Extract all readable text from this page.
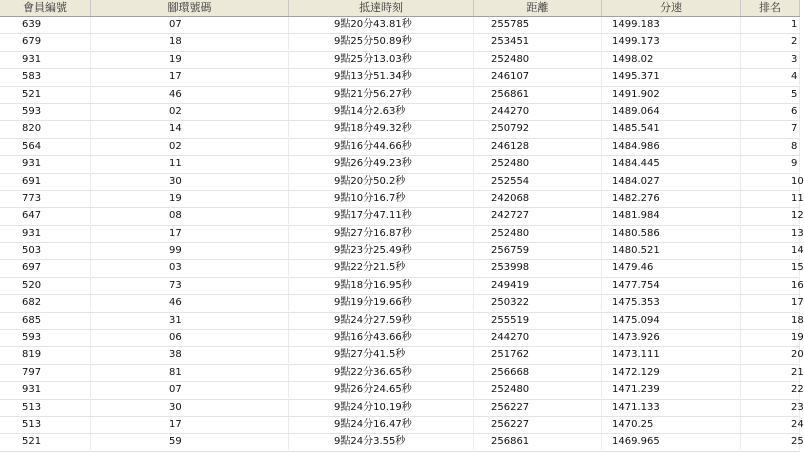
會員編號	腳環號碼	抵達時刻	距離	分速	排名
639	07	9點20分43.81秒	255785	1499.183	1
679	18	9點25分50.89秒	253451	1499.173	2
931	19	9點25分13.03秒	252480	1498.02	3
583	17	9點13分51.34秒	246107	1495.371	4
521	46	9點21分56.27秒	256861	1491.902	5
593	02	9點14分2.63秒	244270	1489.064	6
820	14	9點18分49.32秒	250792	1485.541	7
564	02	9點16分44.66秒	246128	1484.986	8
931	11	9點26分49.23秒	252480	1484.445	9
691	30	9點20分50.2秒	252554	1484.027	10
773	19	9點10分16.7秒	242068	1482.276	11
647	08	9點17分47.11秒	242727	1481.984	12
931	17	9點27分16.87秒	252480	1480.586	13
503	99	9點23分25.49秒	256759	1480.521	14
697	03	9點22分21.5秒	253998	1479.46	15
520	73	9點18分16.95秒	249419	1477.754	16
682	46	9點19分19.66秒	250322	1475.353	17
685	31	9點24分27.59秒	255519	1475.094	18
593	06	9點16分43.66秒	244270	1473.926	19
819	38	9點27分41.5秒	251762	1473.111	20
797	81	9點22分36.65秒	256668	1472.129	21
931	07	9點26分24.65秒	252480	1471.239	22
513	30	9點24分10.19秒	256227	1471.133	23
513	17	9點24分16.47秒	256227	1470.25	24
521	59	9點24分3.55秒	256861	1469.965	25
